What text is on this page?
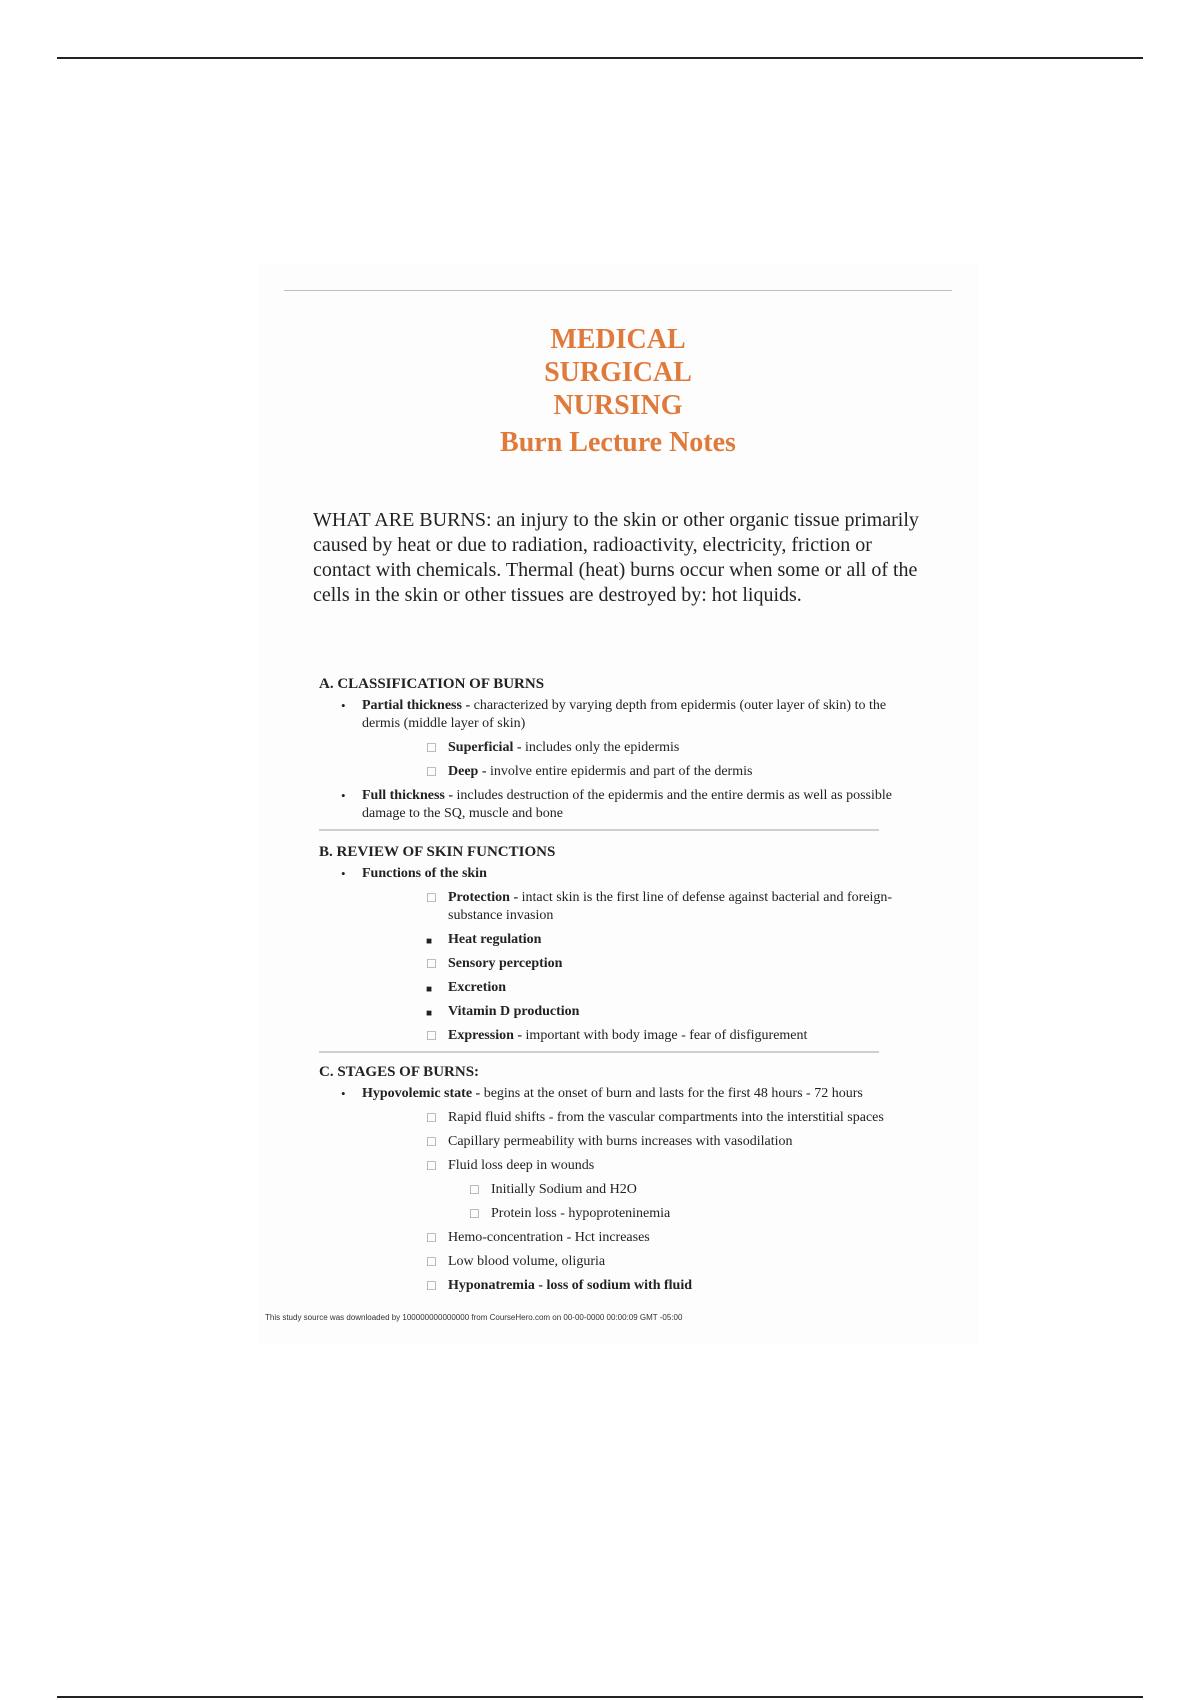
MEDICAL
SURGICAL
NURSING
Burn Lecture Notes
WHAT ARE BURNS: an injury to the skin or other organic tissue primarily caused by heat or due to radiation, radioactivity, electricity, friction or contact with chemicals. Thermal (heat) burns occur when some or all of the cells in the skin or other tissues are destroyed by: hot liquids.
A. CLASSIFICATION OF BURNS
• Partial thickness - characterized by varying depth from epidermis (outer layer of skin) to the dermis (middle layer of skin)
☐ Superficial - includes only the epidermis
☐ Deep - involve entire epidermis and part of the dermis
• Full thickness - includes destruction of the epidermis and the entire dermis as well as possible damage to the SQ, muscle and bone
B. REVIEW OF SKIN FUNCTIONS
• Functions of the skin
☐ Protection - intact skin is the first line of defense against bacterial and foreign-substance invasion
■ Heat regulation
☐ Sensory perception
■ Excretion
■ Vitamin D production
☐ Expression - important with body image - fear of disfigurement
C. STAGES OF BURNS:
• Hypovolemic state - begins at the onset of burn and lasts for the first 48 hours - 72 hours
☐ Rapid fluid shifts - from the vascular compartments into the interstitial spaces
☐ Capillary permeability with burns increases with vasodilation
☐ Fluid loss deep in wounds
☐ Initially Sodium and H2O
☐ Protein loss - hypoproteninemia
☐ Hemo-concentration - Hct increases
☐ Low blood volume, oliguria
☐ Hyponatremia - loss of sodium with fluid
This study source was downloaded by 100000000000000 from CourseHero.com on 00-00-0000 00:00:09 GMT -05:00
